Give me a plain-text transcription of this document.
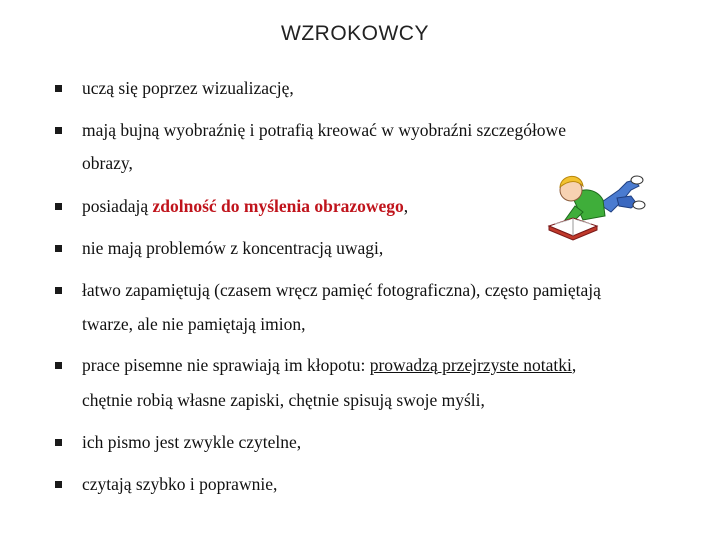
WZROKOWCY
uczą się poprzez wizualizację,
mają bujną wyobraźnię i potrafią kreować w wyobraźni szczegółowe
obrazy,
posiadają zdolność do myślenia obrazowego,
nie mają problemów z koncentracją uwagi,
łatwo zapamiętują (czasem wręcz pamięć fotograficzna), często pamiętają
twarze, ale nie pamiętają imion,
prace pisemne nie sprawiają im kłopotu: prowadzą przejrzyste notatki,
chętnie robią własne zapiski, chętnie spisują swoje myśli,
ich pismo jest zwykle czytelne,
czytają szybko i poprawnie,
